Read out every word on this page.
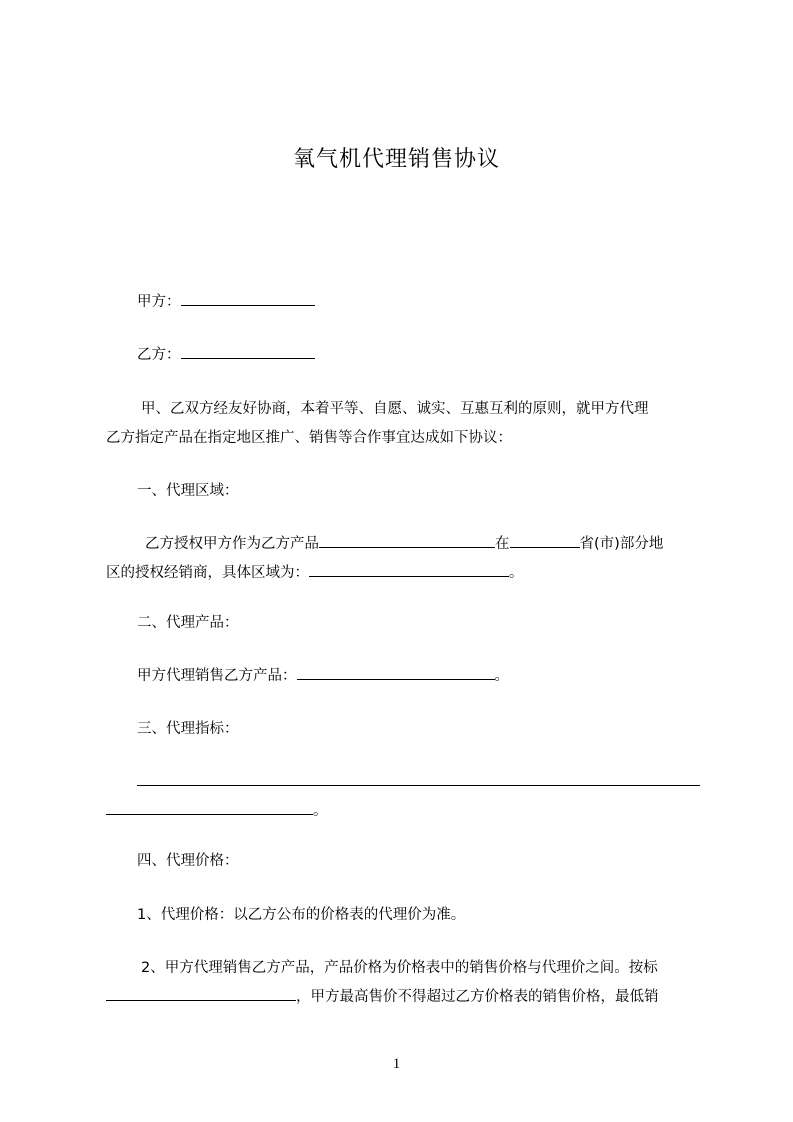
氧气机代理销售协议
甲方：
乙方：
甲、乙双方经友好协商，本着平等、自愿、诚实、互惠互利的原则，就甲方代理
乙方指定产品在指定地区推广、销售等合作事宜达成如下协议：
一、代理区域：
乙方授权甲方作为乙方产品	在	省(市)部分地
区的授权经销商，具体区域为：	。
二、代理产品：
甲方代理销售乙方产品：	。
三、代理指标：
。
四、代理价格：
1、代理价格：以乙方公布的价格表的代理价为准。
2、甲方代理销售乙方产品，产品价格为价格表中的销售价格与代理价之间。按标
，甲方最高售价不得超过乙方价格表的销售价格，最低销
1
